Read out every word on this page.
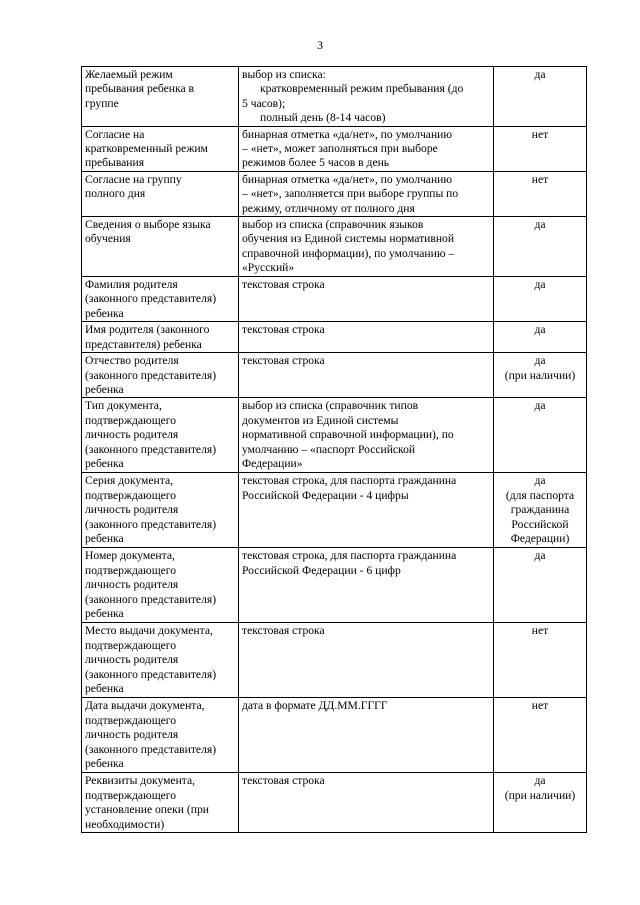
3
Желаемый режим
пребывания ребенка в
группе	выбор из списка:
кратковременный режим пребывания (до
5 часов);
полный день (8-14 часов)	да

Согласие на
кратковременный режим
пребывания	бинарная отметка «да/нет», по умолчанию
– «нет», может заполняться при выборе
режимов более 5 часов в день	нет

Согласие на группу
полного дня	бинарная отметка «да/нет», по умолчанию
– «нет», заполняется при выборе группы по
режиму, отличному от полного дня	нет

Сведения о выборе языка
обучения	выбор из списка (справочник языков
обучения из Единой системы нормативной
справочной информации), по умолчанию –
«Русский»	да

Фамилия родителя
(законного представителя)
ребенка	текстовая строка	да

Имя родителя (законного
представителя) ребенка	текстовая строка	да

Отчество родителя
(законного представителя)
ребенка	текстовая строка	да
(при наличии)

Тип документа,
подтверждающего
личность родителя
(законного представителя)
ребенка	выбор из списка (справочник типов
документов из Единой системы
нормативной справочной информации), по
умолчанию – «паспорт Российской
Федерации»	да

Серия документа,
подтверждающего
личность родителя
(законного представителя)
ребенка	текстовая строка, для паспорта гражданина
Российской Федерации - 4 цифры	да
(для паспорта
гражданина
Российской
Федерации)

Номер документа,
подтверждающего
личность родителя
(законного представителя)
ребенка	текстовая строка, для паспорта гражданина
Российской Федерации - 6 цифр	да

Место выдачи документа,
подтверждающего
личность родителя
(законного представителя)
ребенка	текстовая строка	нет

Дата выдачи документа,
подтверждающего
личность родителя
(законного представителя)
ребенка	дата в формате ДД.ММ.ГГГГ	нет

Реквизиты документа,
подтверждающего
установление опеки (при
необходимости)	текстовая строка	да
(при наличии)
